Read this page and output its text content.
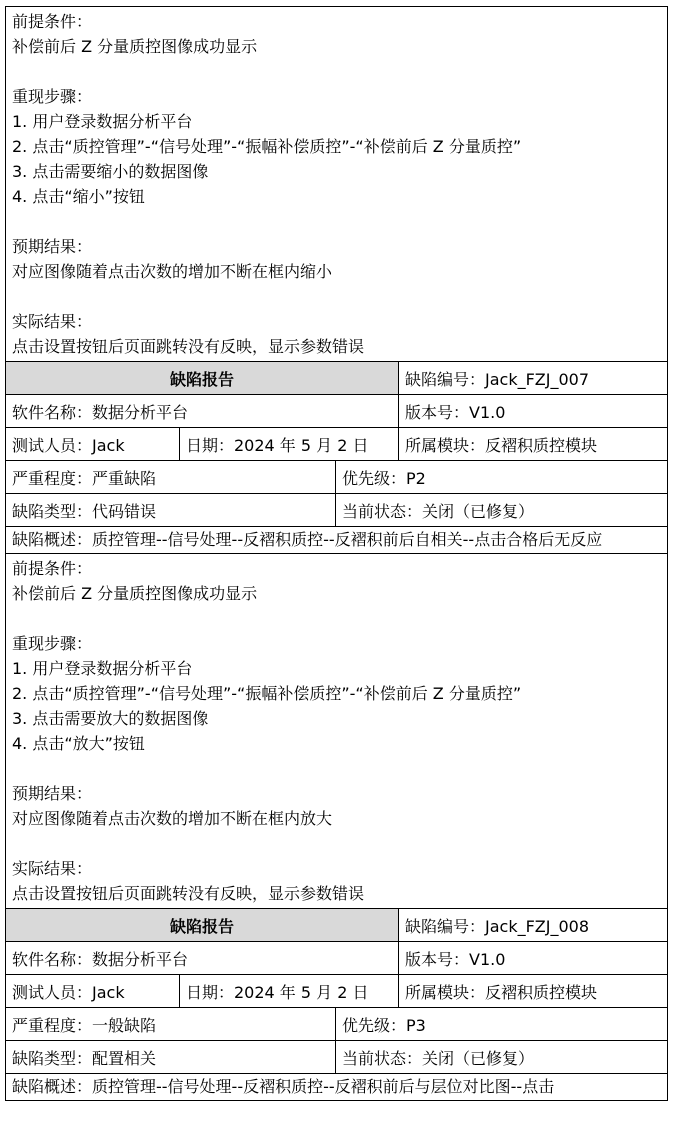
前提条件：
补偿前后 Z 分量质控图像成功显示
重现步骤：
1. 用户登录数据分析平台
2. 点击“质控管理”-“信号处理”-“振幅补偿质控”-“补偿前后 Z 分量质控”
3. 点击需要缩小的数据图像
4. 点击“缩小”按钮
预期结果：
对应图像随着点击次数的增加不断在框内缩小
实际结果：
点击设置按钮后页面跳转没有反映，显示参数错误
缺陷报告	缺陷编号：Jack_FZJ_007
软件名称：数据分析平台	版本号：V1.0
测试人员：Jack	日期：2024 年 5 月 2 日	所属模块：反褶积质控模块
严重程度：严重缺陷	优先级：P2
缺陷类型：代码错误	当前状态：关闭（已修复）
缺陷概述：质控管理--信号处理--反褶积质控--反褶积前后自相关--点击合格后无反应
前提条件：
补偿前后 Z 分量质控图像成功显示
重现步骤：
1. 用户登录数据分析平台
2. 点击“质控管理”-“信号处理”-“振幅补偿质控”-“补偿前后 Z 分量质控”
3. 点击需要放大的数据图像
4. 点击“放大”按钮
预期结果：
对应图像随着点击次数的增加不断在框内放大
实际结果：
点击设置按钮后页面跳转没有反映，显示参数错误
缺陷报告	缺陷编号：Jack_FZJ_008
软件名称：数据分析平台	版本号：V1.0
测试人员：Jack	日期：2024 年 5 月 2 日	所属模块：反褶积质控模块
严重程度：一般缺陷	优先级：P3
缺陷类型：配置相关	当前状态：关闭（已修复）
缺陷概述：质控管理--信号处理--反褶积质控--反褶积前后与层位对比图--点击
